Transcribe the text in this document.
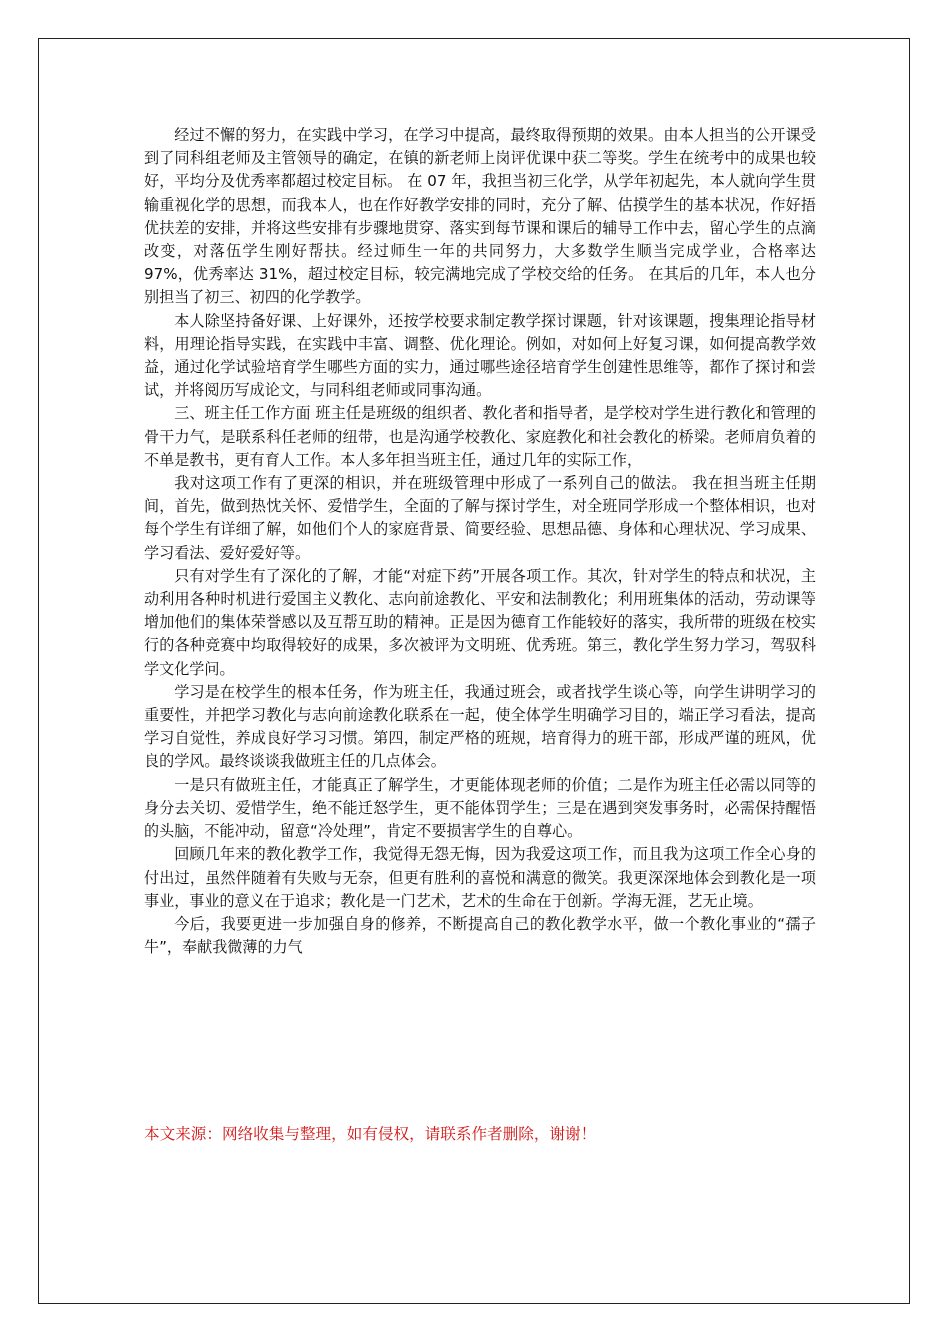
经过不懈的努力，在实践中学习，在学习中提高，最终取得预期的效果。由本人担当的公开课受到了同科组老师及主管领导的确定，在镇的新老师上岗评优课中获二等奖。学生在统考中的成果也较好，平均分及优秀率都超过校定目标。 在 07 年，我担当初三化学，从学年初起先，本人就向学生贯输重视化学的思想，而我本人，也在作好教学安排的同时，充分了解、估摸学生的基本状况，作好捂优扶差的安排，并将这些安排有步骤地贯穿、落实到每节课和课后的辅导工作中去，留心学生的点滴改变，对落伍学生刚好帮扶。经过师生一年的共同努力，大多数学生顺当完成学业，合格率达 97%，优秀率达 31%，超过校定目标，较完满地完成了学校交给的任务。 在其后的几年，本人也分别担当了初三、初四的化学教学。

本人除坚持备好课、上好课外，还按学校要求制定教学探讨课题，针对该课题，搜集理论指导材料，用理论指导实践，在实践中丰富、调整、优化理论。例如，对如何上好复习课，如何提高教学效益，通过化学试验培育学生哪些方面的实力，通过哪些途径培育学生创建性思维等，都作了探讨和尝试，并将阅历写成论文，与同科组老师或同事沟通。

三、班主任工作方面 班主任是班级的组织者、教化者和指导者，是学校对学生进行教化和管理的骨干力气，是联系科任老师的纽带，也是沟通学校教化、家庭教化和社会教化的桥梁。老师肩负着的不单是教书，更有育人工作。本人多年担当班主任，通过几年的实际工作，

我对这项工作有了更深的相识，并在班级管理中形成了一系列自己的做法。 我在担当班主任期间，首先，做到热忱关怀、爱惜学生，全面的了解与探讨学生，对全班同学形成一个整体相识，也对每个学生有详细了解，如他们个人的家庭背景、简要经验、思想品德、身体和心理状况、学习成果、学习看法、爱好爱好等。

只有对学生有了深化的了解，才能“对症下药”开展各项工作。其次，针对学生的特点和状况，主动利用各种时机进行爱国主义教化、志向前途教化、平安和法制教化；利用班集体的活动，劳动课等增加他们的集体荣誉感以及互帮互助的精神。正是因为德育工作能较好的落实，我所带的班级在校实行的各种竞赛中均取得较好的成果，多次被评为文明班、优秀班。第三，教化学生努力学习，驾驭科学文化学问。

学习是在校学生的根本任务，作为班主任，我通过班会，或者找学生谈心等，向学生讲明学习的重要性，并把学习教化与志向前途教化联系在一起，使全体学生明确学习目的，端正学习看法，提高学习自觉性，养成良好学习习惯。第四，制定严格的班规，培育得力的班干部，形成严谨的班风，优良的学风。最终谈谈我做班主任的几点体会。

一是只有做班主任，才能真正了解学生，才更能体现老师的价值；二是作为班主任必需以同等的身分去关切、爱惜学生，绝不能迁怒学生，更不能体罚学生；三是在遇到突发事务时，必需保持醒悟的头脑，不能冲动，留意“冷处理”，肯定不要损害学生的自尊心。

回顾几年来的教化教学工作，我觉得无怨无悔，因为我爱这项工作，而且我为这项工作全心身的付出过，虽然伴随着有失败与无奈，但更有胜利的喜悦和满意的微笑。我更深深地体会到教化是一项事业，事业的意义在于追求；教化是一门艺术，艺术的生命在于创新。学海无涯，艺无止境。

今后，我要更进一步加强自身的修养，不断提高自己的教化教学水平，做一个教化事业的“孺子牛”，奉献我微薄的力气

本文来源：网络收集与整理，如有侵权，请联系作者删除，谢谢！
